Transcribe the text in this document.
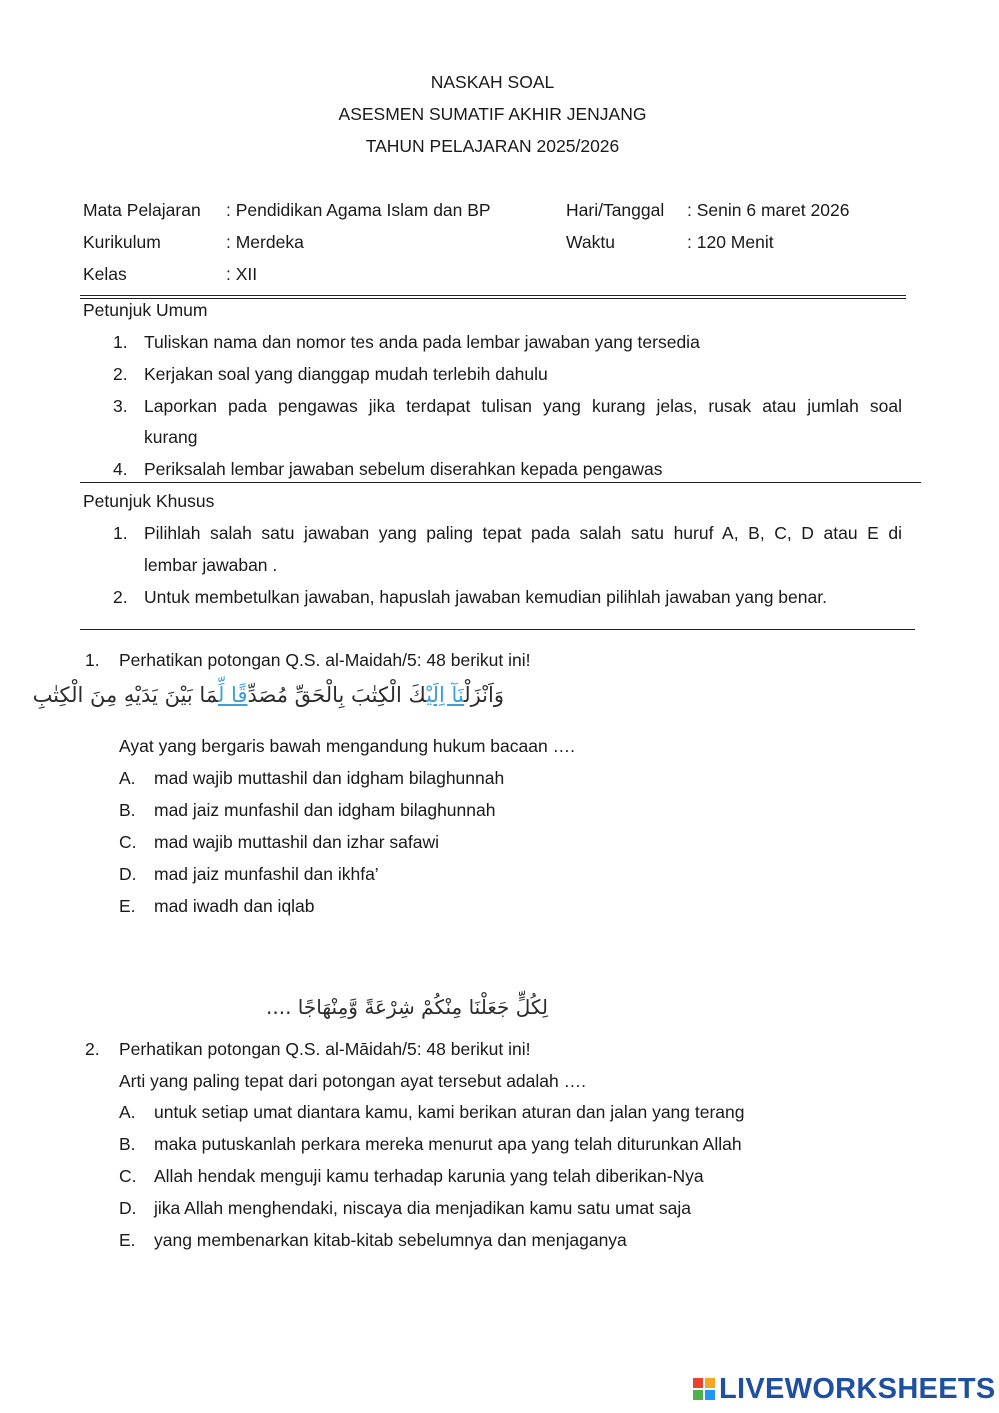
NASKAH SOAL
ASESMEN SUMATIF AKHIR JENJANG
TAHUN PELAJARAN 2025/2026
Mata Pelajaran : Pendidikan Agama Islam dan BP	Hari/Tanggal : Senin 6 maret 2026
Kurikulum	: Merdeka	Waktu	: 120 Menit
Kelas	: XII
Petunjuk Umum
1. Tuliskan nama dan nomor tes anda pada lembar jawaban yang tersedia
2. Kerjakan soal yang dianggap mudah terlebih dahulu
3. Laporkan pada pengawas jika terdapat tulisan yang kurang jelas, rusak atau jumlah soal
kurang
4. Periksalah lembar jawaban sebelum diserahkan kepada pengawas
Petunjuk Khusus
1. Pilihlah salah satu jawaban yang paling tepat pada salah satu huruf A, B, C, D atau E di
lembar jawaban .
2. Untuk membetulkan jawaban, hapuslah jawaban kemudian pilihlah jawaban yang benar.
1. Perhatikan potongan Q.S. al-Maidah/5: 48 berikut ini!
وَاَنْزَلْنَآ اِلَيْكَ الْكِتٰبَ بِالْحَقِّ مُصَدِّقًا لِّمَا بَيْنَ يَدَيْهِ مِنَ الْكِتٰبِ
Ayat yang bergaris bawah mengandung hukum bacaan ….
A. mad wajib muttashil dan idgham bilaghunnah
B. mad jaiz munfashil dan idgham bilaghunnah
C. mad wajib muttashil dan izhar safawi
D. mad jaiz munfashil dan ikhfa’
E. mad iwadh dan iqlab
لِكُلٍّ جَعَلْنَا مِنْكُمْ شِرْعَةً وَّمِنْهَاجًا ....
2. Perhatikan potongan Q.S. al-Māidah/5: 48 berikut ini!
Arti yang paling tepat dari potongan ayat tersebut adalah ….
A. untuk setiap umat diantara kamu, kami berikan aturan dan jalan yang terang
B. maka putuskanlah perkara mereka menurut apa yang telah diturunkan Allah
C. Allah hendak menguji kamu terhadap karunia yang telah diberikan-Nya
D. jika Allah menghendaki, niscaya dia menjadikan kamu satu umat saja
E. yang membenarkan kitab-kitab sebelumnya dan menjaganya
LIVEWORKSHEETS
